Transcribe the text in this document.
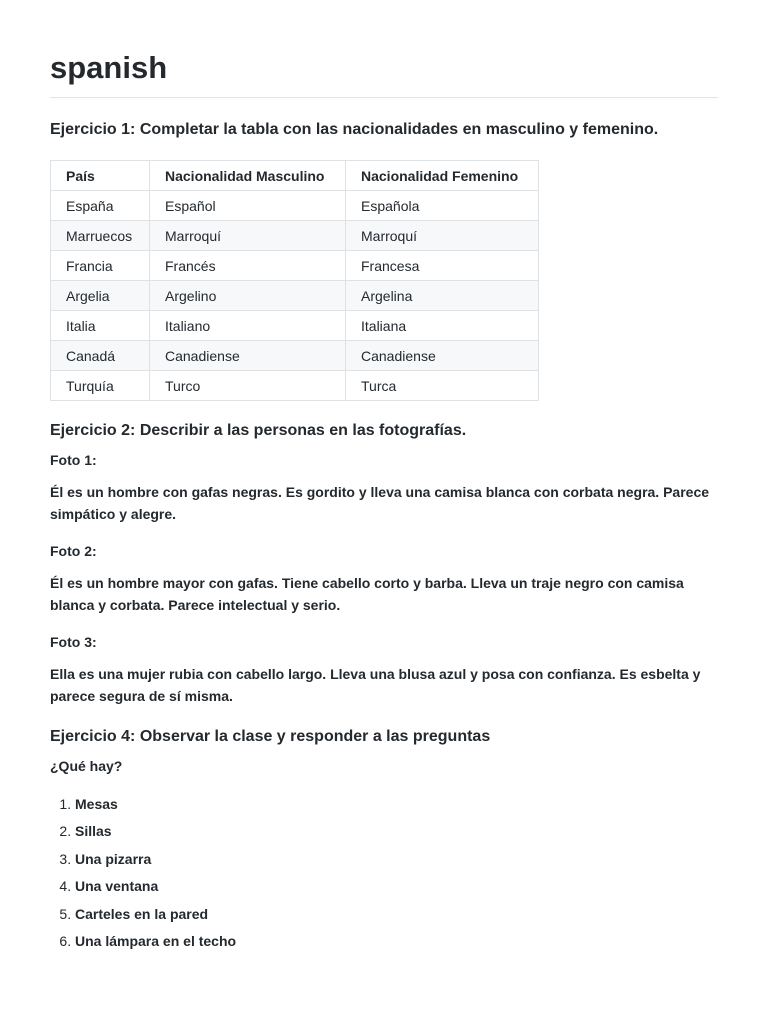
spanish
Ejercicio 1: Completar la tabla con las nacionalidades en masculino y femenino.
País	Nacionalidad Masculino	Nacionalidad Femenino
España	Español	Española
Marruecos	Marroquí	Marroquí
Francia	Francés	Francesa
Argelia	Argelino	Argelina
Italia	Italiano	Italiana
Canadá	Canadiense	Canadiense
Turquía	Turco	Turca
Ejercicio 2: Describir a las personas en las fotografías.

Foto 1:

Él es un hombre con gafas negras. Es gordito y lleva una camisa blanca con corbata negra. Parece simpático y alegre.

Foto 2:

Él es un hombre mayor con gafas. Tiene cabello corto y barba. Lleva un traje negro con camisa blanca y corbata. Parece intelectual y serio.

Foto 3:

Ella es una mujer rubia con cabello largo. Lleva una blusa azul y posa con confianza. Es esbelta y parece segura de sí misma.

Ejercicio 4: Observar la clase y responder a las preguntas

¿Qué hay?

1. Mesas
2. Sillas
3. Una pizarra
4. Una ventana
5. Carteles en la pared
6. Una lámpara en el techo
